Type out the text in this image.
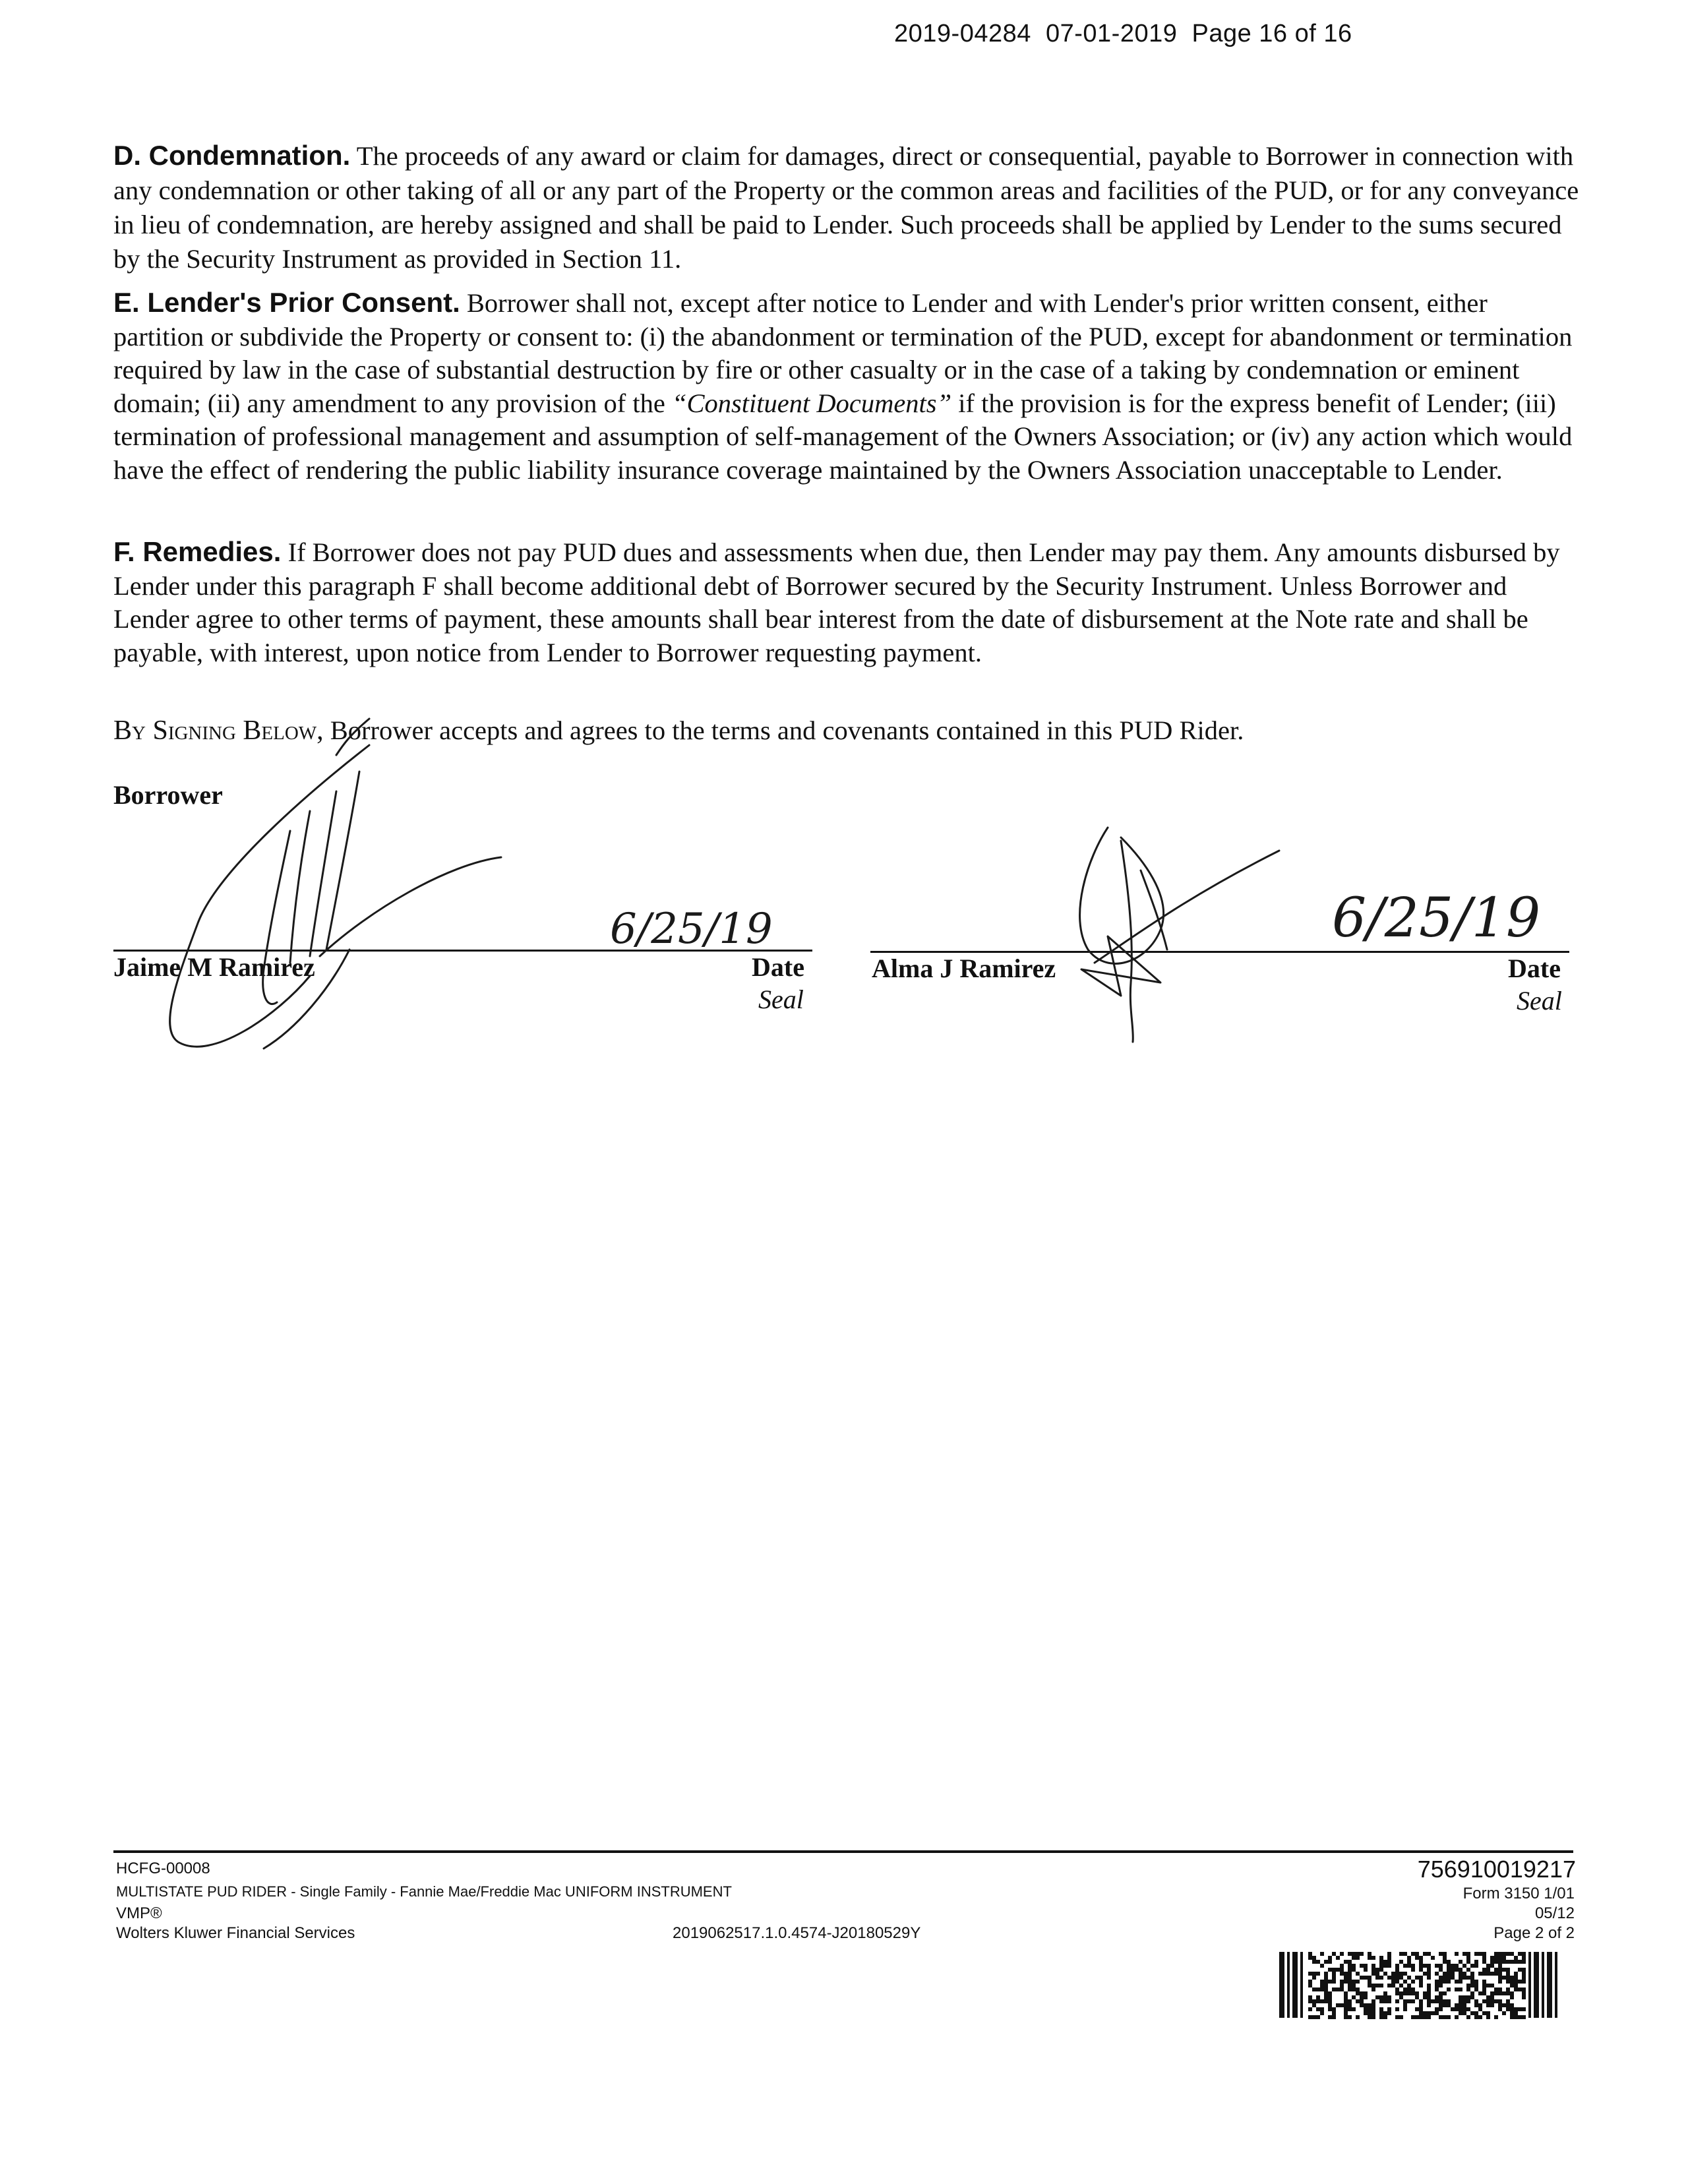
2019-04284  07-01-2019  Page 16 of 16

D. Condemnation. The proceeds of any award or claim for damages, direct or consequential, payable to Borrower in connection with any condemnation or other taking of all or any part of the Property or the common areas and facilities of the PUD, or for any conveyance in lieu of condemnation, are hereby assigned and shall be paid to Lender. Such proceeds shall be applied by Lender to the sums secured by the Security Instrument as provided in Section 11.

E. Lender's Prior Consent. Borrower shall not, except after notice to Lender and with Lender's prior written consent, either partition or subdivide the Property or consent to: (i) the abandonment or termination of the PUD, except for abandonment or termination required by law in the case of substantial destruction by fire or other casualty or in the case of a taking by condemnation or eminent domain; (ii) any amendment to any provision of the “Constituent Documents” if the provision is for the express benefit of Lender; (iii) termination of professional management and assumption of self-management of the Owners Association; or (iv) any action which would have the effect of rendering the public liability insurance coverage maintained by the Owners Association unacceptable to Lender.

F. Remedies. If Borrower does not pay PUD dues and assessments when due, then Lender may pay them. Any amounts disbursed by Lender under this paragraph F shall become additional debt of Borrower secured by the Security Instrument. Unless Borrower and Lender agree to other terms of payment, these amounts shall bear interest from the date of disbursement at the Note rate and shall be payable, with interest, upon notice from Lender to Borrower requesting payment.

By Signing Below, Borrower accepts and agrees to the terms and covenants contained in this PUD Rider.
Borrower
Jaime M Ramirez	Date
Seal
Alma J Ramirez	Date
Seal
6/25/19	6/25/19
HCFG-00008
MULTISTATE PUD RIDER - Single Family - Fannie Mae/Freddie Mac UNIFORM INSTRUMENT
VMP®
Wolters Kluwer Financial Services	2019062517.1.0.4574-J20180529Y
756910019217
Form 3150 1/01
05/12
Page 2 of 2
